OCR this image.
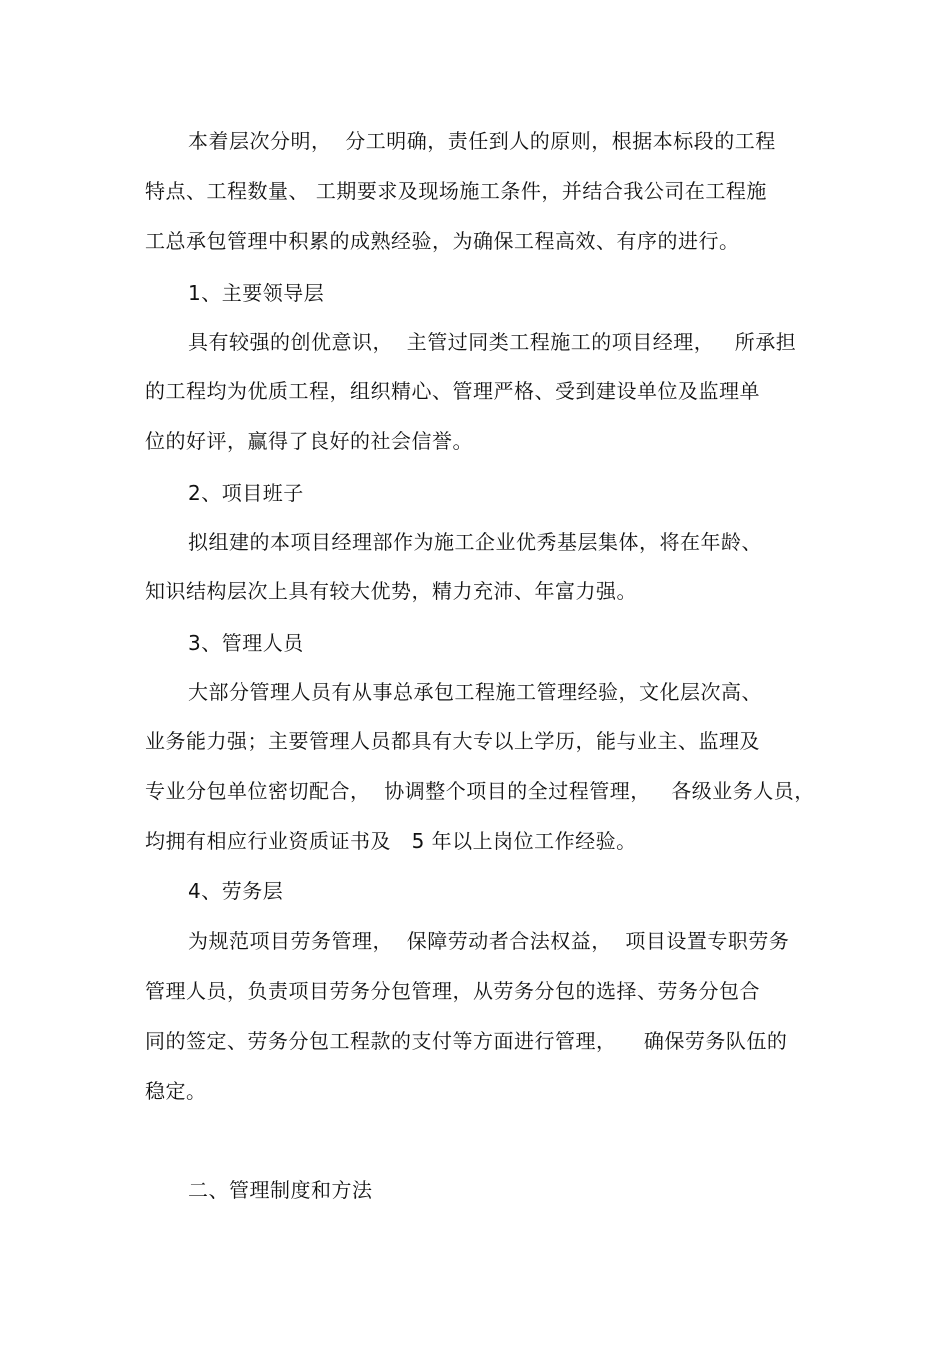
本着层次分明，  分工明确，责任到人的原则，根据本标段的工程
特点、工程数量、 工期要求及现场施工条件，并结合我公司在工程施
工总承包管理中积累的成熟经验，为确保工程高效、有序的进行。
1、主要领导层
具有较强的创优意识，  主管过同类工程施工的项目经理，   所承担
的工程均为优质工程，组织精心、管理严格、受到建设单位及监理单
位的好评，赢得了良好的社会信誉。
2、项目班子
拟组建的本项目经理部作为施工企业优秀基层集体，将在年龄、
知识结构层次上具有较大优势，精力充沛、年富力强。
3、管理人员
大部分管理人员有从事总承包工程施工管理经验，文化层次高、
业务能力强；主要管理人员都具有大专以上学历，能与业主、监理及
专业分包单位密切配合，  协调整个项目的全过程管理，   各级业务人员，
均拥有相应行业资质证书及   5 年以上岗位工作经验。
4、劳务层
为规范项目劳务管理，  保障劳动者合法权益，  项目设置专职劳务
管理人员，负责项目劳务分包管理，从劳务分包的选择、劳务分包合
同的签定、劳务分包工程款的支付等方面进行管理，    确保劳务队伍的
稳定。
二、管理制度和方法
